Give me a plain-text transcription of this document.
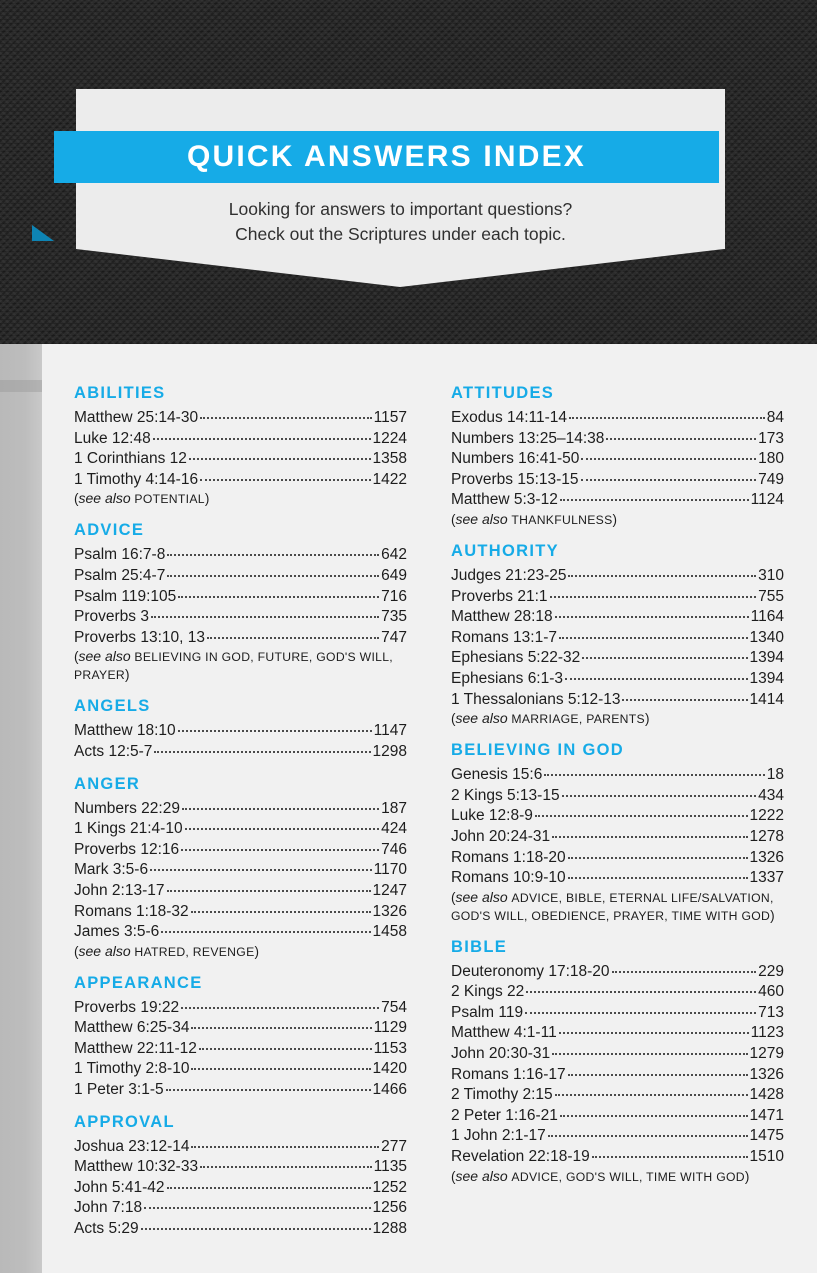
Looking for answers to important questions?
Check out the Scriptures under each topic.
QUICK ANSWERS INDEX
ABILITIES
Matthew 25:14-30	1157
Luke 12:48	1224
1 Corinthians 12	1358
1 Timothy 4:14-16	1422
(see also POTENTIAL)
ADVICE
Psalm 16:7-8	642
Psalm 25:4-7	649
Psalm 119:105	716
Proverbs 3	735
Proverbs 13:10, 13	747
(see also BELIEVING IN GOD, FUTURE, GOD'S WILL, PRAYER)
ANGELS
Matthew 18:10	1147
Acts 12:5-7	1298
ANGER
Numbers 22:29	187
1 Kings 21:4-10	424
Proverbs 12:16	746
Mark 3:5-6	1170
John 2:13-17	1247
Romans 1:18-32	1326
James 3:5-6	1458
(see also HATRED, REVENGE)
APPEARANCE
Proverbs 19:22	754
Matthew 6:25-34	1129
Matthew 22:11-12	1153
1 Timothy 2:8-10	1420
1 Peter 3:1-5	1466
APPROVAL
Joshua 23:12-14	277
Matthew 10:32-33	1135
John 5:41-42	1252
John 7:18	1256
Acts 5:29	1288
ATTITUDES
Exodus 14:11-14	84
Numbers 13:25–14:38	173
Numbers 16:41-50	180
Proverbs 15:13-15	749
Matthew 5:3-12	1124
(see also THANKFULNESS)
AUTHORITY
Judges 21:23-25	310
Proverbs 21:1	755
Matthew 28:18	1164
Romans 13:1-7	1340
Ephesians 5:22-32	1394
Ephesians 6:1-3	1394
1 Thessalonians 5:12-13	1414
(see also MARRIAGE, PARENTS)
BELIEVING IN GOD
Genesis 15:6	18
2 Kings 5:13-15	434
Luke 12:8-9	1222
John 20:24-31	1278
Romans 1:18-20	1326
Romans 10:9-10	1337
(see also ADVICE, BIBLE, ETERNAL LIFE/SALVATION, GOD'S WILL, OBEDIENCE, PRAYER, TIME WITH GOD)
BIBLE
Deuteronomy 17:18-20	229
2 Kings 22	460
Psalm 119	713
Matthew 4:1-11	1123
John 20:30-31	1279
Romans 1:16-17	1326
2 Timothy 2:15	1428
2 Peter 1:16-21	1471
1 John 2:1-17	1475
Revelation 22:18-19	1510
(see also ADVICE, GOD'S WILL, TIME WITH GOD)
